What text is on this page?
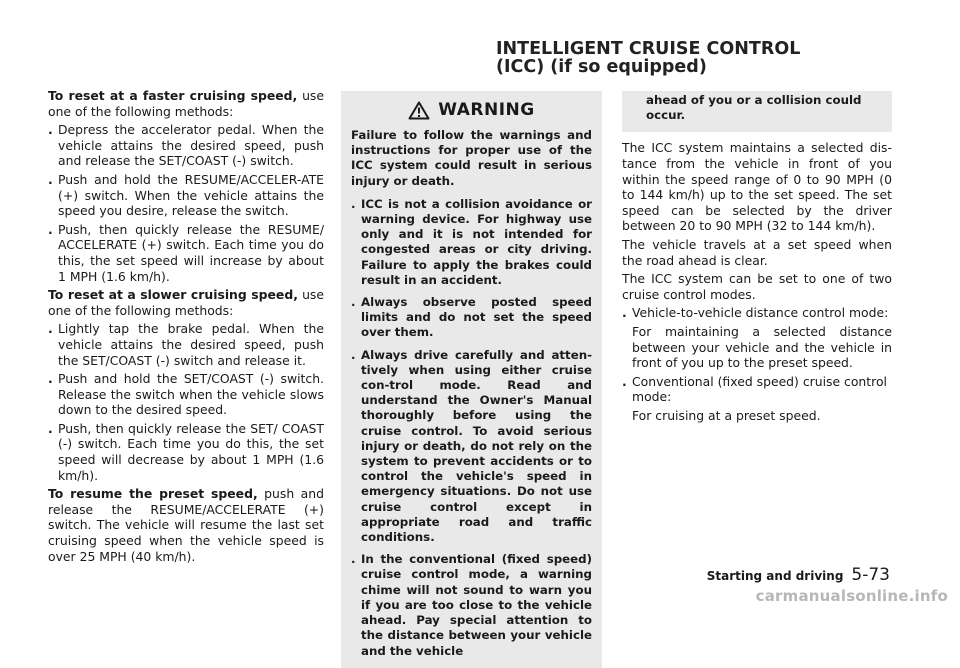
INTELLIGENT CRUISE CONTROL
(ICC) (if so equipped)

To reset at a faster cruising speed, use one of the following methods:

. Depress the accelerator pedal. When the vehicle attains the desired speed, push and release the SET/COAST (-) switch.
. Push and hold the RESUME/ACCELER-ATE (+) switch. When the vehicle attains the speed you desire, release the switch.
. Push, then quickly release the RESUME/ ACCELERATE (+) switch. Each time you do this, the set speed will increase by about 1 MPH (1.6 km/h).

To reset at a slower cruising speed, use one of the following methods:

. Lightly tap the brake pedal. When the vehicle attains the desired speed, push the SET/COAST (-) switch and release it.
. Push and hold the SET/COAST (-) switch. Release the switch when the vehicle slows down to the desired speed.
. Push, then quickly release the SET/ COAST (-) switch. Each time you do this, the set speed will decrease by about 1 MPH (1.6 km/h).

To resume the preset speed, push and release the RESUME/ACCELERATE (+) switch. The vehicle will resume the last set cruising speed when the vehicle speed is over 25 MPH (40 km/h).

WARNING

Failure to follow the warnings and instructions for proper use of the ICC system could result in serious injury or death.

. ICC is not a collision avoidance or warning device. For highway use only and it is not intended for congested areas or city driving. Failure to apply the brakes could result in an accident.
. Always observe posted speed limits and do not set the speed over them.
. Always drive carefully and atten-tively when using either cruise con-trol mode. Read and understand the Owner's Manual thoroughly before using the cruise control. To avoid serious injury or death, do not rely on the system to prevent accidents or to control the vehicle's speed in emergency situations. Do not use cruise control except in appropriate road and traffic conditions.
. In the conventional (fixed speed) cruise control mode, a warning chime will not sound to warn you if you are too close to the vehicle ahead. Pay special attention to the distance between your vehicle and the vehicle
ahead of you or a collision could occur.

The ICC system maintains a selected dis-tance from the vehicle in front of you within the speed range of 0 to 90 MPH (0 to 144 km/h) up to the set speed. The set speed can be selected by the driver between 20 to 90 MPH (32 to 144 km/h).

The vehicle travels at a set speed when the road ahead is clear.

The ICC system can be set to one of two cruise control modes.

. Vehicle-to-vehicle distance control mode:

For maintaining a selected distance between your vehicle and the vehicle in front of you up to the preset speed.

. Conventional (fixed speed) cruise control mode:

For cruising at a preset speed.

Starting and driving 5-73
carmanualsonline.info
